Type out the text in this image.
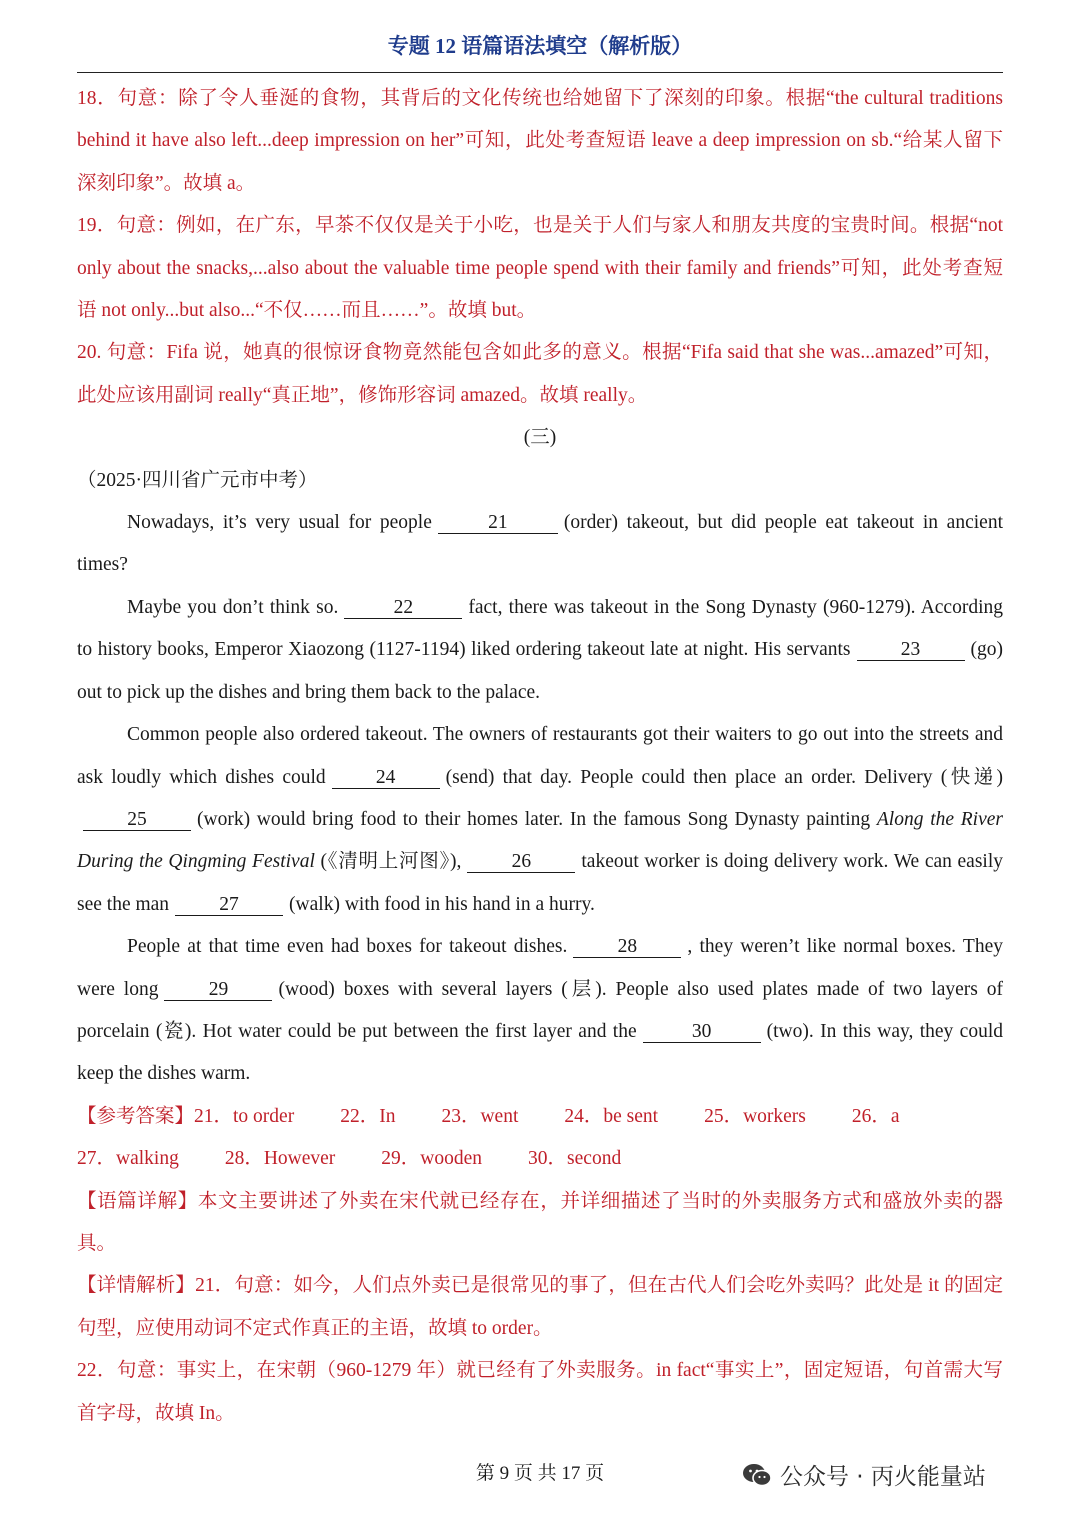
专题 12 语篇语法填空（解析版）

18．句意：除了令人垂涎的食物，其背后的文化传统也给她留下了深刻的印象。根据“the cultural traditions behind it have also left...deep impression on her”可知，此处考查短语 leave a deep impression on sb.“给某人留下深刻印象”。故填 a。

19．句意：例如，在广东，早茶不仅仅是关于小吃，也是关于人们与家人和朋友共度的宝贵时间。根据“not only about the snacks,...also about the valuable time people spend with their family and friends”可知，此处考查短语 not only...but also...“不仅……而且……”。故填 but。

20. 句意：Fifa 说，她真的很惊讶食物竟然能包含如此多的意义。根据“Fifa said that she was...amazed”可知，此处应该用副词 really“真正地”，修饰形容词 amazed。故填 really。

(三)

（2025·四川省广元市中考）

Nowadays, it’s very usual for people	21	(order) takeout, but did people eat takeout in ancient times?

Maybe you don’t think so.	22	fact, there was takeout in the Song Dynasty (960-1279). According to history books, Emperor Xiaozong (1127-1194) liked ordering takeout late at night. His servants	23	(go) out to pick up the dishes and bring them back to the palace.

Common people also ordered takeout. The owners of restaurants got their waiters to go out into the streets and ask loudly which dishes could	24	(send) that day. People could then place an order. Delivery (快递)25	(work) would bring food to their homes later. In the famous Song Dynasty painting Along the River During the Qingming Festival (《清明上河图》),	26	takeout worker is doing delivery work. We can easily see the man	27	(walk) with food in his hand in a hurry.

People at that time even had boxes for takeout dishes.	28	, they weren’t like normal boxes. They were long	29	(wood) boxes with several layers (层). People also used plates made of two layers of porcelain (瓷). Hot water could be put between the first layer and the	30	(two). In this way, they could keep the dishes warm.

【参考答案】 21．to order 22．In 23．went 24．be sent 25．workers 26．a
27．walking 28．However 29．wooden 30．second

【语篇详解】本文主要讲述了外卖在宋代就已经存在，并详细描述了当时的外卖服务方式和盛放外卖的器具。

【详情解析】21．句意：如今，人们点外卖已是很常见的事了，但在古代人们会吃外卖吗？此处是 it 的固定句型，应使用动词不定式作真正的主语，故填 to order。

22．句意：事实上，在宋朝（960-1279 年）就已经有了外卖服务。in fact“事实上”，固定短语，句首需大写首字母，故填 In。

第 9 页 共 17 页	公众号 · 丙火能量站
